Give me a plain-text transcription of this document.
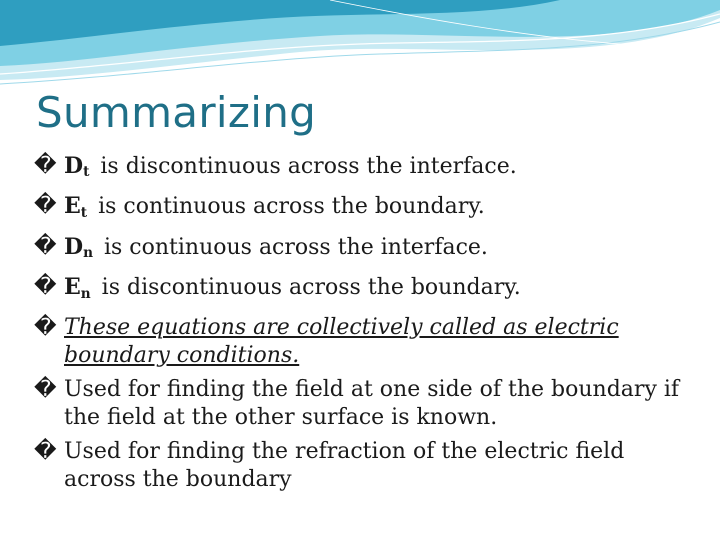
Summarizing
� $D_t$ is discontinuous across the interface.
� $E_t$ is continuous across the boundary.
� $D_n$ is continuous across the interface.
� $E_n$ is discontinuous across the boundary.
� These equations are collectively called as electric boundary conditions.
� Used for finding the field at one side of the boundary if the field at the other surface is known.
� Used for finding the refraction of the electric field across the boundary
